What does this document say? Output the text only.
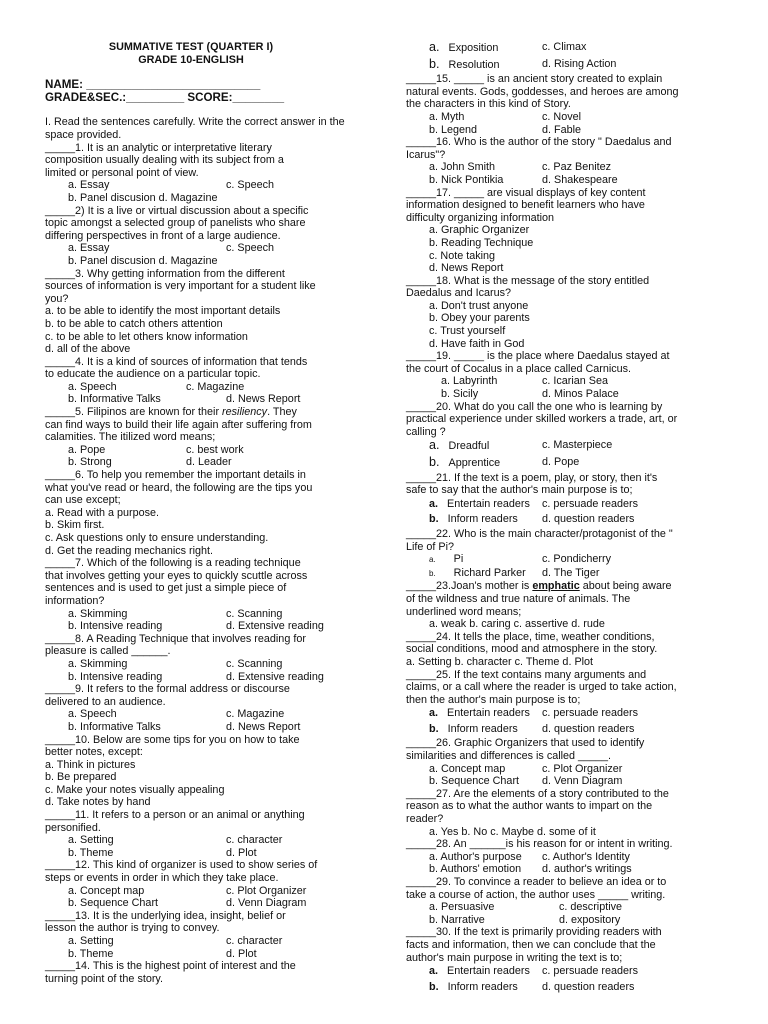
SUMMATIVE TEST (QUARTER I)
GRADE 10-ENGLISH
NAME: ___________________________
GRADE&SEC.:_________ SCORE:________
I. Read the sentences carefully. Write the correct answer in the space provided.
_____1. It is an analytic or interpretative literary
composition usually dealing with its subject from a
limited or personal point of view.
a. Essay	c. Speech
b. Panel discusion d. Magazine
_____2) It is a live or virtual discussion about a specific
topic amongst a selected group of panelists who share
differing perspectives in front of a large audience.
a. Essay	c. Speech
b. Panel discusion d. Magazine
_____3. Why getting information from the different
sources of information is very important for a student like
you?
a. to be able to identify the most important details
b. to be able to catch others attention
c. to be able to let others know information
d. all of the above
_____4. It is a kind of sources of information that tends
to educate the audience on a particular topic.
a. Speech	c. Magazine
b. Informative Talks	d. News Report
_____5. Filipinos are known for their resiliency. They
can find ways to build their life again after suffering from
calamities. The itilized word means;
a. Pope	c. best work
b. Strong	d. Leader
_____6. To help you remember the important details in
what you've read or heard, the following are the tips you
can use except;
a. Read with a purpose.
b. Skim first.
c. Ask questions only to ensure understanding.
d. Get the reading mechanics right.
_____7. Which of the following is a reading technique
that involves getting your eyes to quickly scuttle across
sentences and is used to get just a simple piece of
information?
a. Skimming	c. Scanning
b. Intensive reading	d. Extensive reading
_____8. A Reading Technique that involves reading for
pleasure is called ______.
a. Skimming	c. Scanning
b. Intensive reading	d. Extensive reading
_____9. It refers to the formal address or discourse
delivered to an audience.
a. Speech	c. Magazine
b. Informative Talks	d. News Report
_____10. Below are some tips for you on how to take
better notes, except:
a. Think in pictures
b. Be prepared
c. Make your notes visually appealing
d. Take notes by hand
_____11. It refers to a person or an animal or anything
personified.
a. Setting	c. character
b. Theme	d. Plot
_____12. This kind of organizer is used to show series of
steps or events in order in which they take place.
a. Concept map	c. Plot Organizer
b. Sequence Chart	d. Venn Diagram
_____13. It is the underlying idea, insight, belief or
lesson the author is trying to convey.
a. Setting	c. character
b. Theme	d. Plot
_____14. This is the highest point of interest and the
turning point of the story.
a. Exposition	c. Climax
b. Resolution	d. Rising Action
_____15. _____ is an ancient story created to explain
natural events. Gods, goddesses, and heroes are among
the characters in this kind of Story.
a. Myth	c. Novel
b. Legend	d. Fable
_____16. Who is the author of the story " Daedalus and
Icarus"?
a. John Smith	c. Paz Benitez
b. Nick Pontikia	d. Shakespeare
_____17. _____ are visual displays of key content
information designed to benefit learners who have
difficulty organizing information
a. Graphic Organizer
b. Reading Technique
c. Note taking
d. News Report
_____18. What is the message of the story entitled
Daedalus and Icarus?
a. Don't trust anyone
b. Obey your parents
c. Trust yourself
d. Have faith in God
_____19. _____ is the place where Daedalus stayed at
the court of Cocalus in a place called Carnicus.
a. Labyrinth	c. Icarian Sea
b. Sicily	d. Minos Palace
_____20. What do you call the one who is learning by
practical experience under skilled workers a trade, art, or
calling ?
a. Dreadful	c. Masterpiece
b. Apprentice	d. Pope
_____21. If the text is a poem, play, or story, then it's
safe to say that the author's main purpose is to;
a. Entertain readers	c. persuade readers
b. Inform readers	d. question readers
_____22. Who is the main character/protagonist of the "
Life of Pi?
a. Pi	c. Pondicherry
b. Richard Parker	d. The Tiger
_____23.Joan's mother is emphatic about being aware
of the wildness and true nature of animals. The
underlined word means;
a. weak b. caring c. assertive d. rude
_____24. It tells the place, time, weather conditions,
social conditions, mood and atmosphere in the story.
a. Setting b. character c. Theme d. Plot
_____25. If the text contains many arguments and
claims, or a call where the reader is urged to take action,
then the author's main purpose is to;
a. Entertain readers	c. persuade readers
b. Inform readers	d. question readers
_____26. Graphic Organizers that used to identify
similarities and differences is called _____.
a. Concept map	c. Plot Organizer
b. Sequence Chart	d. Venn Diagram
_____27. Are the elements of a story contributed to the
reason as to what the author wants to impart on the
reader?
a. Yes b. No c. Maybe d. some of it
_____28. An ______is his reason for or intent in writing.
a. Author's purpose	c. Author's Identity
b. Authors' emotion	d. author's writings
_____29. To convince a reader to believe an idea or to
take a course of action, the author uses _____ writing.
a. Persuasive	c. descriptive
b. Narrative	d. expository
_____30. If the text is primarily providing readers with
facts and information, then we can conclude that the
author's main purpose in writing the text is to;
a. Entertain readers	c. persuade readers
b. Inform readers	d. question readers
